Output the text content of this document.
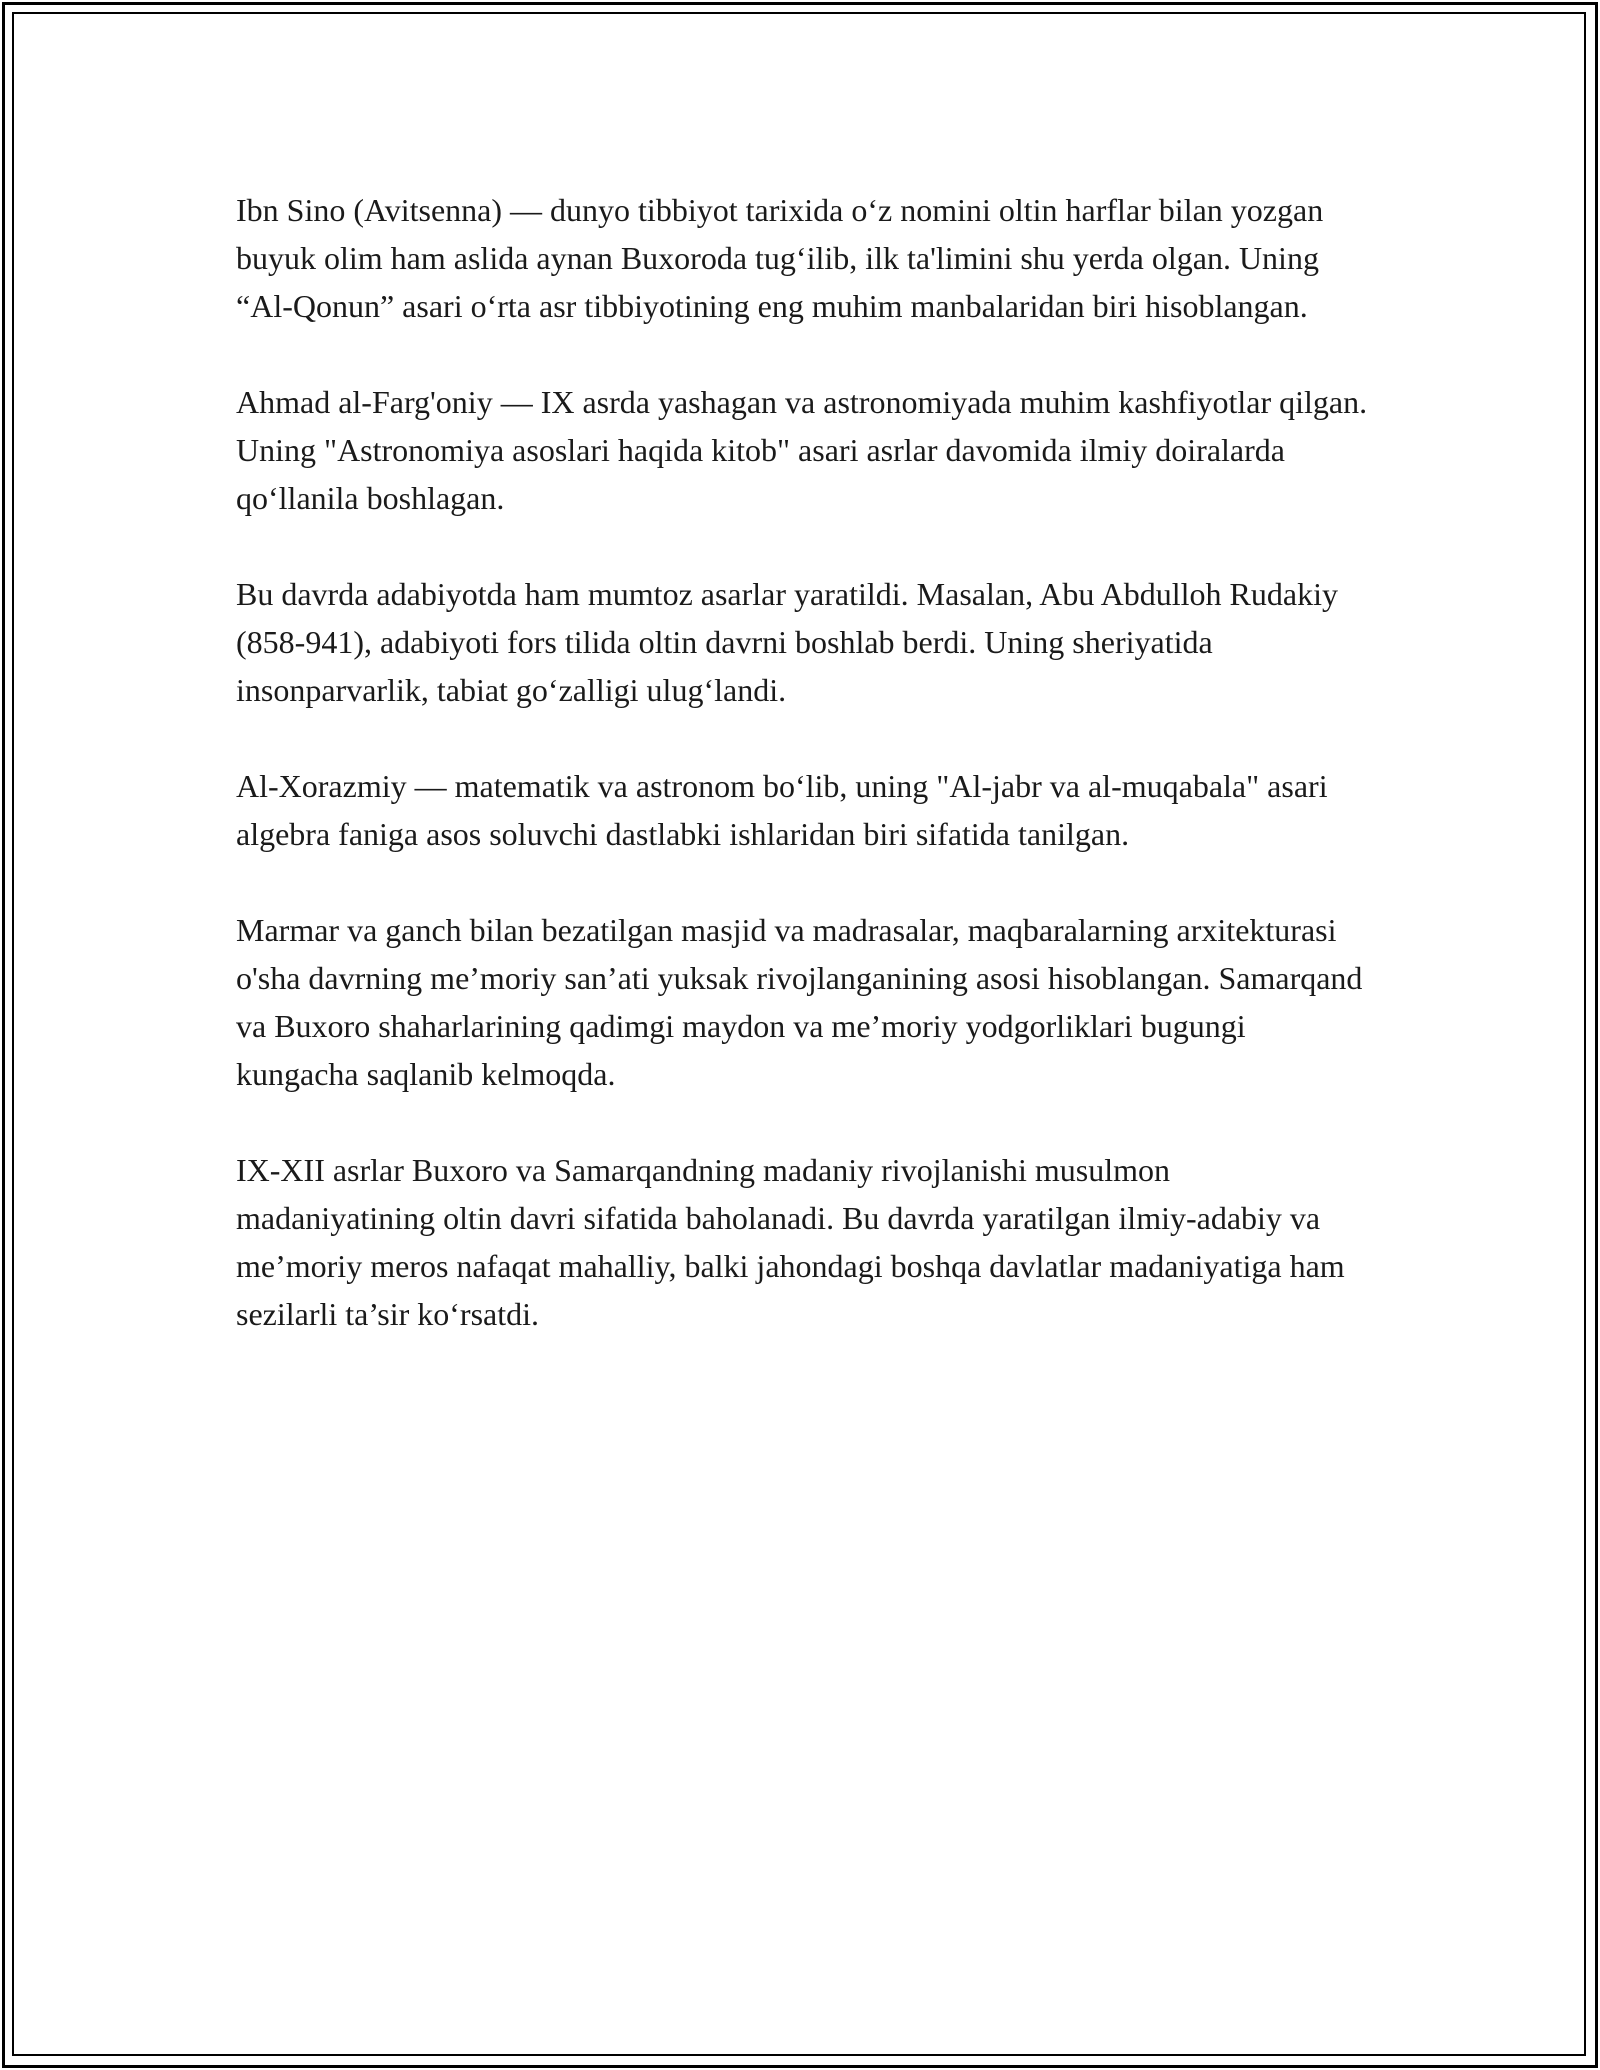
Ibn Sino (Avitsenna) — dunyo tibbiyot tarixida o‘z nomini oltin harflar bilan yozgan buyuk olim ham aslida aynan Buxoroda tug‘ilib, ilk ta'limini shu yerda olgan. Uning “Al-Qonun” asari o‘rta asr tibbiyotining eng muhim manbalaridan biri hisoblangan.

Ahmad al-Farg'oniy — IX asrda yashagan va astronomiyada muhim kashfiyotlar qilgan. Uning "Astronomiya asoslari haqida kitob" asari asrlar davomida ilmiy doiralarda qo‘llanila boshlagan.

Bu davrda adabiyotda ham mumtoz asarlar yaratildi. Masalan, Abu Abdulloh Rudakiy (858-941), adabiyoti fors tilida oltin davrni boshlab berdi. Uning sheriyatida insonparvarlik, tabiat go‘zalligi ulug‘landi.

Al-Xorazmiy — matematik va astronom bo‘lib, uning "Al-jabr va al-muqabala" asari algebra faniga asos soluvchi dastlabki ishlaridan biri sifatida tanilgan.

Marmar va ganch bilan bezatilgan masjid va madrasalar, maqbaralarning arxitekturasi o'sha davrning me’moriy san’ati yuksak rivojlanganining asosi hisoblangan. Samarqand va Buxoro shaharlarining qadimgi maydon va me’moriy yodgorliklari bugungi kungacha saqlanib kelmoqda.

IX-XII asrlar Buxoro va Samarqandning madaniy rivojlanishi musulmon madaniyatining oltin davri sifatida baholanadi. Bu davrda yaratilgan ilmiy-adabiy va me’moriy meros nafaqat mahalliy, balki jahondagi boshqa davlatlar madaniyatiga ham sezilarli ta’sir ko‘rsatdi.
